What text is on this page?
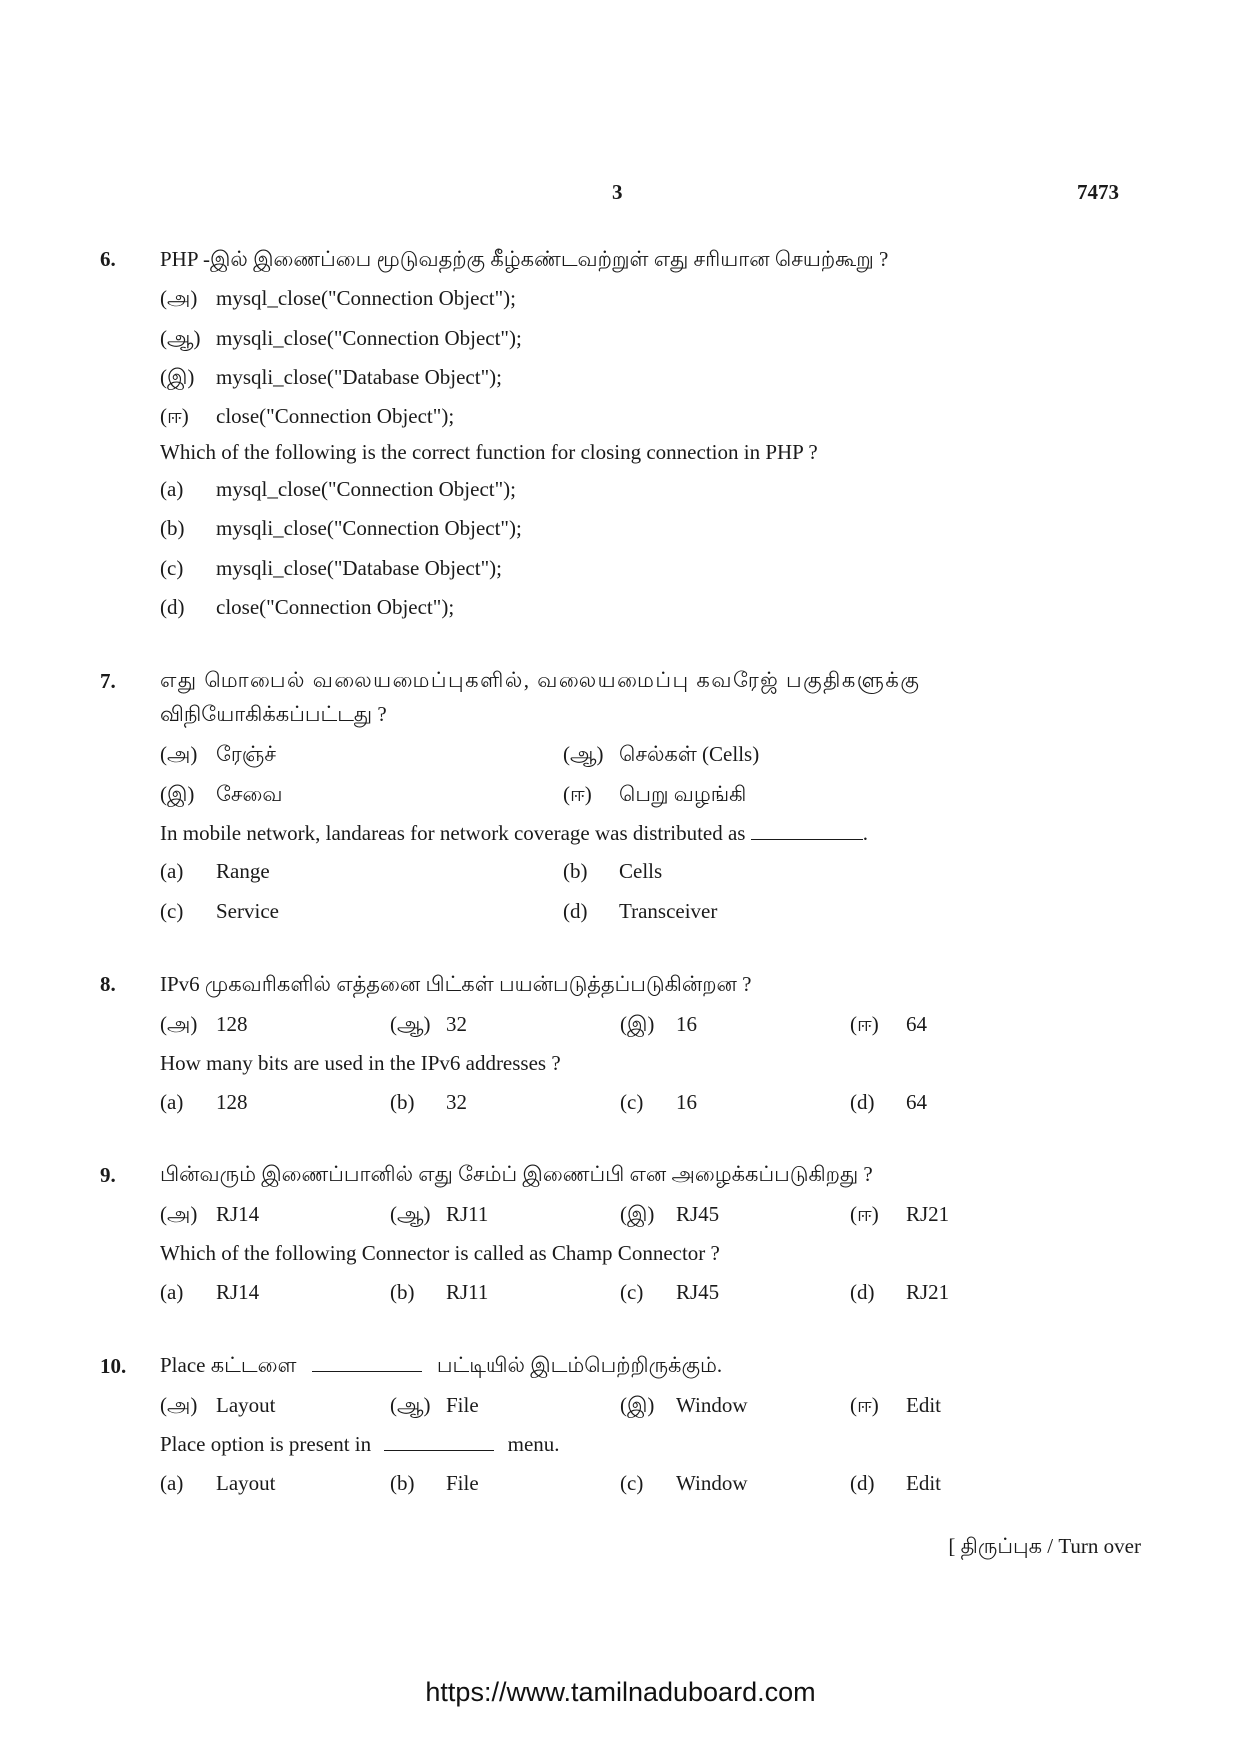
3	7473
6. PHP -இல் இணைப்பை மூடுவதற்கு கீழ்கண்டவற்றுள் எது சரியான செயற்கூறு ?
(அ) mysql_close("Connection Object");
(ஆ) mysqli_close("Connection Object");
(இ) mysqli_close("Database Object");
(ஈ) close("Connection Object");
Which of the following is the correct function for closing connection in PHP ?
(a) mysql_close("Connection Object");
(b) mysqli_close("Connection Object");
(c) mysqli_close("Database Object");
(d) close("Connection Object");
7. எது மொபைல் வலையமைப்புகளில், வலையமைப்பு கவரேஜ் பகுதிகளுக்கு
விநியோகிக்கப்பட்டது ?
(அ) ரேஞ்ச்	(ஆ) செல்கள் (Cells)
(இ) சேவை	(ஈ) பெறு வழங்கி
In mobile network, landareas for network coverage was distributed as	.
(a) Range	(b) Cells
(c) Service	(d) Transceiver
8. IPv6 முகவரிகளில் எத்தனை பிட்கள் பயன்படுத்தப்படுகின்றன ?
(அ) 128	(ஆ) 32	(இ) 16	(ஈ) 64
How many bits are used in the IPv6 addresses ?
(a) 128	(b) 32	(c) 16	(d) 64
9. பின்வரும் இணைப்பானில் எது சேம்ப் இணைப்பி என அழைக்கப்படுகிறது ?
(அ) RJ14	(ஆ) RJ11	(இ) RJ45	(ஈ) RJ21
Which of the following Connector is called as Champ Connector ?
(a) RJ14	(b) RJ11	(c) RJ45	(d) RJ21
10. Place கட்டளை	பட்டியில் இடம்பெற்றிருக்கும்.
(அ) Layout	(ஆ) File	(இ) Window	(ஈ) Edit
Place option is present in	menu.
(a) Layout	(b) File	(c) Window	(d) Edit
[ திருப்புக / Turn over
https://www.tamilnaduboard.com
